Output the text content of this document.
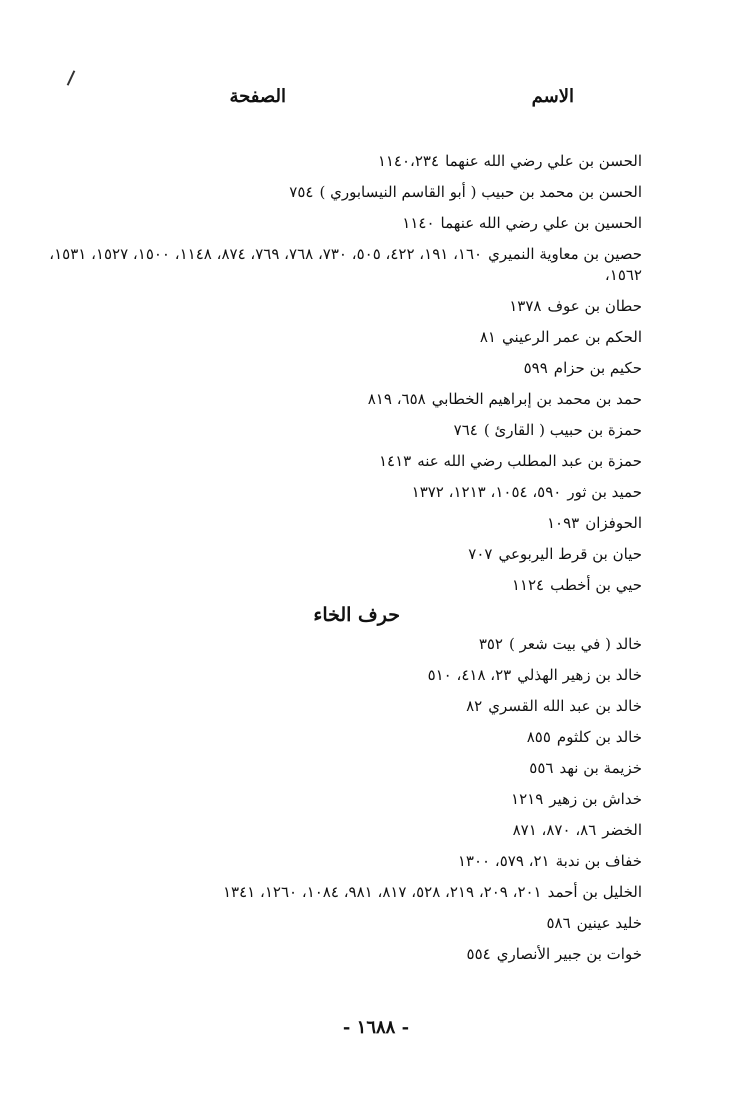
الاسم
الصفحة
الحسن بن علي رضي الله عنهما١١٤٠،٢٣٤
الحسن بن محمد بن حبيب ( أبو القاسم النيسابوري )٧٥٤
الحسين بن علي رضي الله عنهما١١٤٠
حصين بن معاوية النميري١٦٠، ١٩١، ٤٢٢، ٥٠٥، ٧٣٠، ٧٦٨، ٧٦٩، ٨٧٤، ١١٤٨، ١٥٠٠، ١٥٢٧، ١٥٣١، ١٥٦٢،
حطان بن عوف١٣٧٨
الحكم بن عمر الرعيني٨١
حكيم بن حزام٥٩٩
حمد بن محمد بن إبراهيم الخطابي٦٥٨، ٨١٩
حمزة بن حبيب ( القارئ )٧٦٤
حمزة بن عبد المطلب رضي الله عنه١٤١٣
حميد بن ثور٥٩٠، ١٠٥٤، ١٢١٣، ١٣٧٢
الحوفزان١٠٩٣
حيان بن قرط اليربوعي٧٠٧
حيي بن أخطب١١٢٤
حرف الخاء
خالد ( في بيت شعر )٣٥٢
خالد بن زهير الهذلي٢٣، ٤١٨، ٥١٠
خالد بن عبد الله القسري٨٢
خالد بن كلثوم٨٥٥
خزيمة بن نهد٥٥٦
خداش بن زهير١٢١٩
الخضر٨٦، ٨٧٠، ٨٧١
خفاف بن ندبة٢١، ٥٧٩، ١٣٠٠
الخليل بن أحمد٢٠١، ٢٠٩، ٢١٩، ٥٢٨، ٨١٧، ٩٨١، ١٠٨٤، ١٢٦٠، ١٣٤١
خليد عينين٥٨٦
خوات بن جبير الأنصاري٥٥٤
- ١٦٨٨ -
